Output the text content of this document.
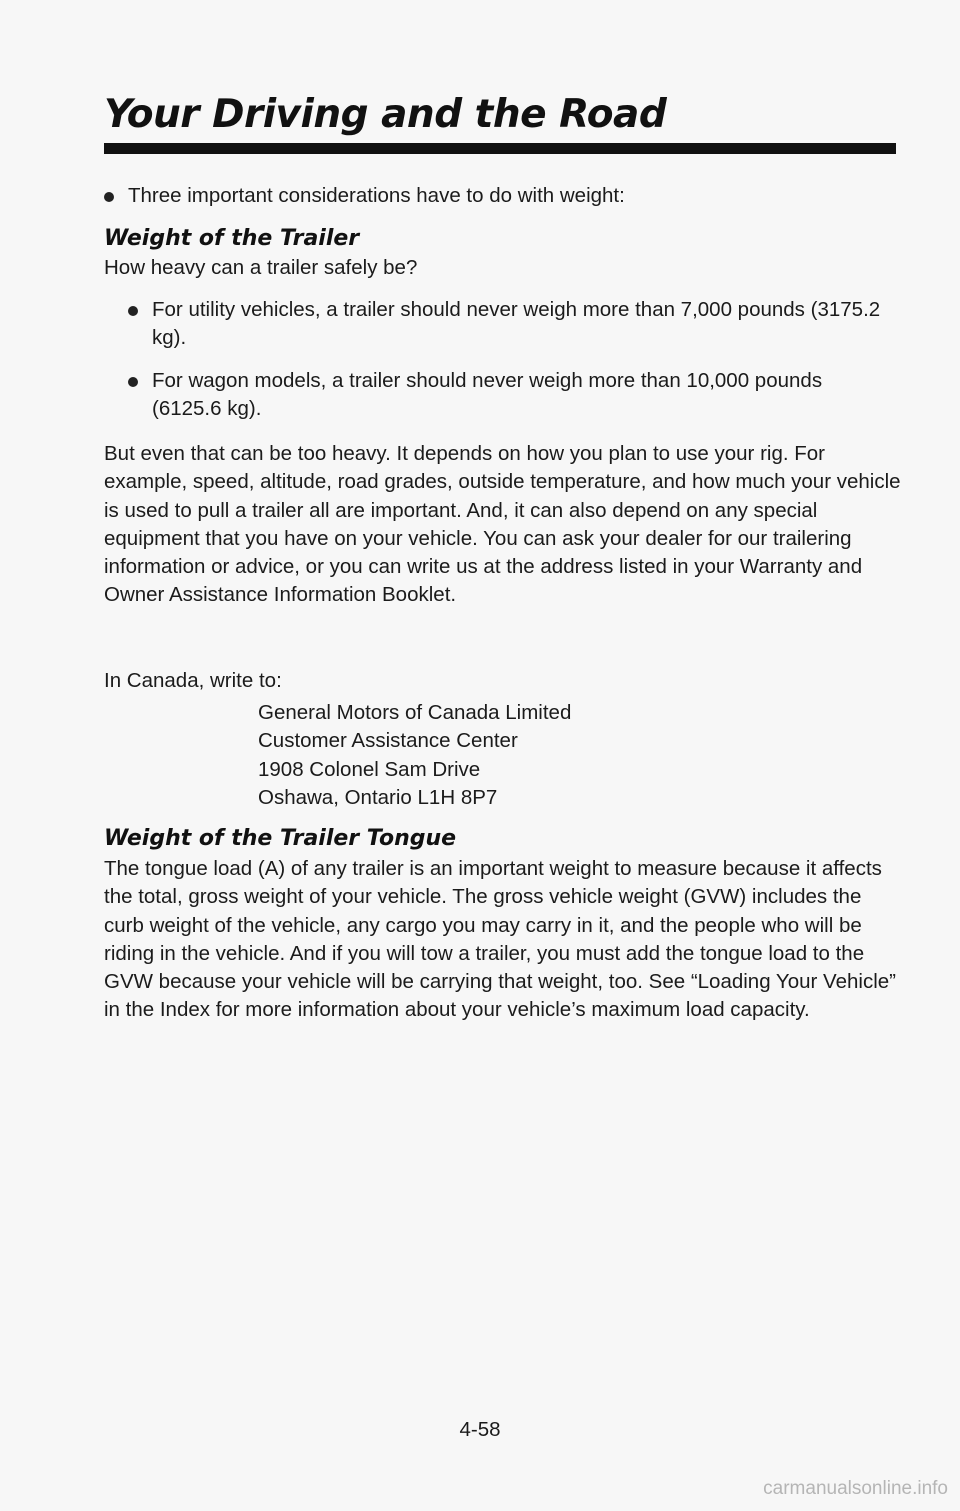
Your Driving and the Road
Three important considerations have to do with weight:
Weight of the Trailer
How heavy can a trailer safely be?
For utility vehicles, a trailer should never weigh more than 7,000 pounds (3175.2 kg).
For wagon models, a trailer should never weigh more than 10,000 pounds (6125.6 kg).
But even that can be too heavy. It depends on how you plan to use your rig. For example, speed, altitude, road grades, outside temperature, and how much your vehicle is used to pull a trailer all are important. And, it can also depend on any special equipment that you have on your vehicle. You can ask your dealer for our trailering information or advice, or you can write us at the address listed in your Warranty and Owner Assistance Information Booklet.
In Canada, write to:
General Motors of Canada Limited
Customer Assistance Center
1908 Colonel Sam Drive
Oshawa, Ontario L1H 8P7
Weight of the Trailer Tongue
The tongue load (A) of any trailer is an important weight to measure because it affects the total, gross weight of your vehicle. The gross vehicle weight (GVW) includes the curb weight of the vehicle, any cargo you may carry in it, and the people who will be riding in the vehicle. And if you will tow a trailer, you must add the tongue load to the GVW because your vehicle will be carrying that weight, too. See “Loading Your Vehicle” in the Index for more information about your vehicle’s maximum load capacity.
4-58
carmanualsonline.info
